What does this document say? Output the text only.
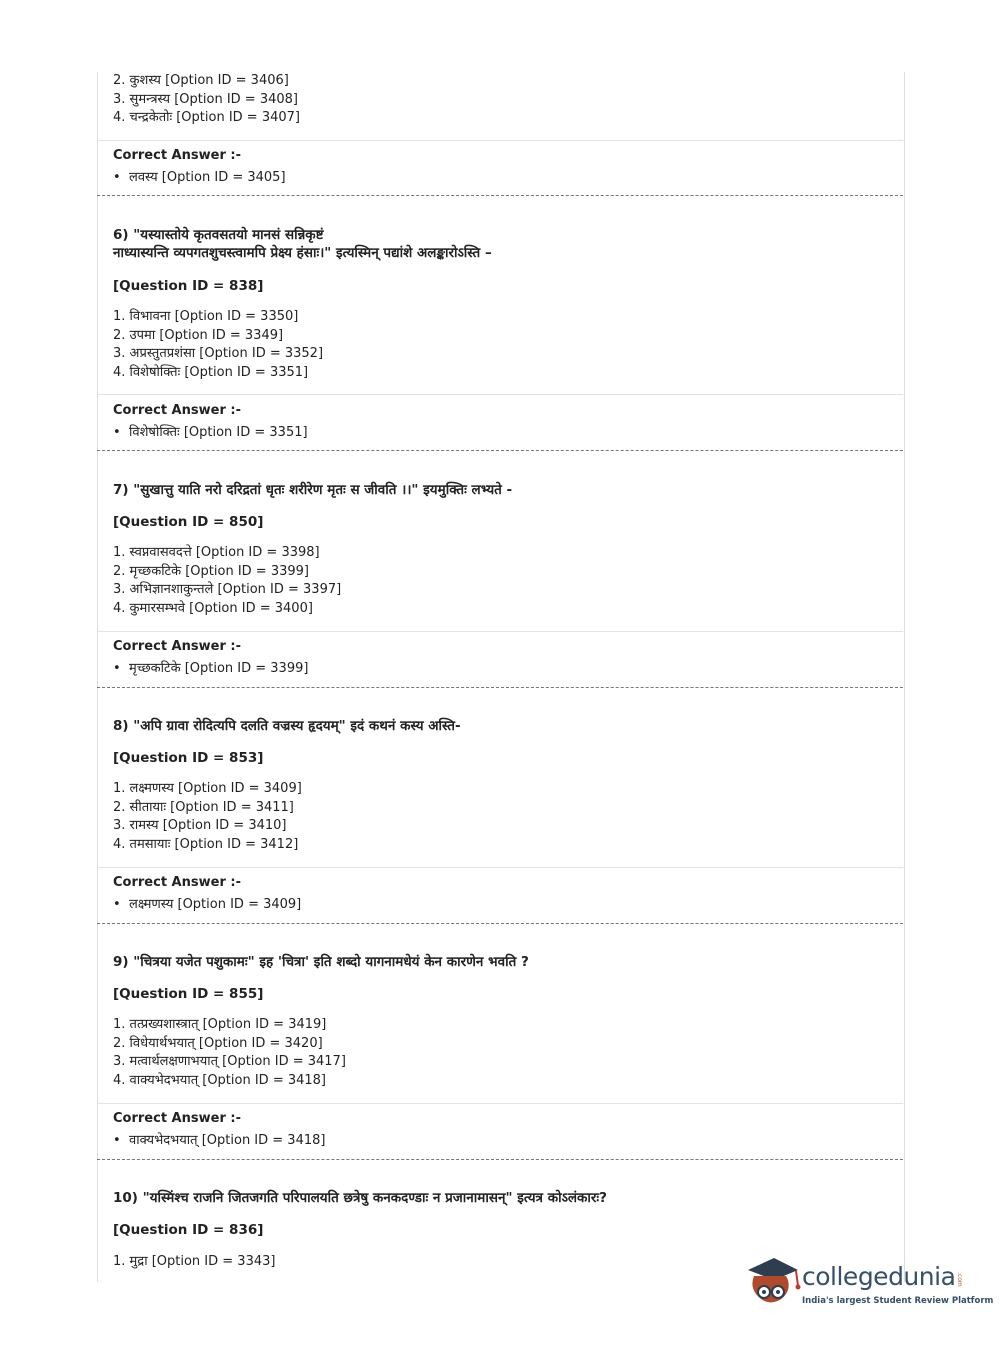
2. कुशस्य [Option ID = 3406]
3. सुमन्त्रस्य [Option ID = 3408]
4. चन्द्रकेतोः [Option ID = 3407]
Correct Answer :-
• लवस्य [Option ID = 3405]
6) "यस्यास्तोये कृतवसतयो मानसं सन्निकृष्टं
नाध्यास्यन्ति व्यपगतशुचस्त्वामपि प्रेक्ष्य हंसाः।" इत्यस्मिन् पद्यांशे अलङ्कारोऽस्ति –
[Question ID = 838]
1. विभावना [Option ID = 3350]
2. उपमा [Option ID = 3349]
3. अप्रस्तुतप्रशंसा [Option ID = 3352]
4. विशेषोक्तिः [Option ID = 3351]
Correct Answer :-
• विशेषोक्तिः [Option ID = 3351]
7) "सुखात्तु याति नरो दरिद्रतां धृतः शरीरेण मृतः स जीवति ।।" इयमुक्तिः लभ्यते -
[Question ID = 850]
1. स्वप्नवासवदत्ते [Option ID = 3398]
2. मृच्छकटिके [Option ID = 3399]
3. अभिज्ञानशाकुन्तले [Option ID = 3397]
4. कुमारसम्भवे [Option ID = 3400]
Correct Answer :-
• मृच्छकटिके [Option ID = 3399]
8) "अपि ग्रावा रोदित्यपि दलति वज्रस्य हृदयम्" इदं कथनं कस्य अस्ति-
[Question ID = 853]
1. लक्ष्मणस्य [Option ID = 3409]
2. सीतायाः [Option ID = 3411]
3. रामस्य [Option ID = 3410]
4. तमसायाः [Option ID = 3412]
Correct Answer :-
• लक्ष्मणस्य [Option ID = 3409]
9) "चित्रया यजेत पशुकामः" इह 'चित्रा' इति शब्दो यागनामधेयं केन कारणेन भवति ?
[Question ID = 855]
1. तत्प्रख्यशास्त्रात् [Option ID = 3419]
2. विधेयार्थभयात् [Option ID = 3420]
3. मत्वार्थलक्षणाभयात् [Option ID = 3417]
4. वाक्यभेदभयात् [Option ID = 3418]
Correct Answer :-
• वाक्यभेदभयात् [Option ID = 3418]
10) "यस्मिंश्च राजनि जितजगति परिपालयति छत्रेषु कनकदण्डाः न प्रजानामासन्" इत्यत्र कोऽलंकारः?
[Question ID = 836]
1. मुद्रा [Option ID = 3343]
collegedunia .com
India's largest Student Review Platform
